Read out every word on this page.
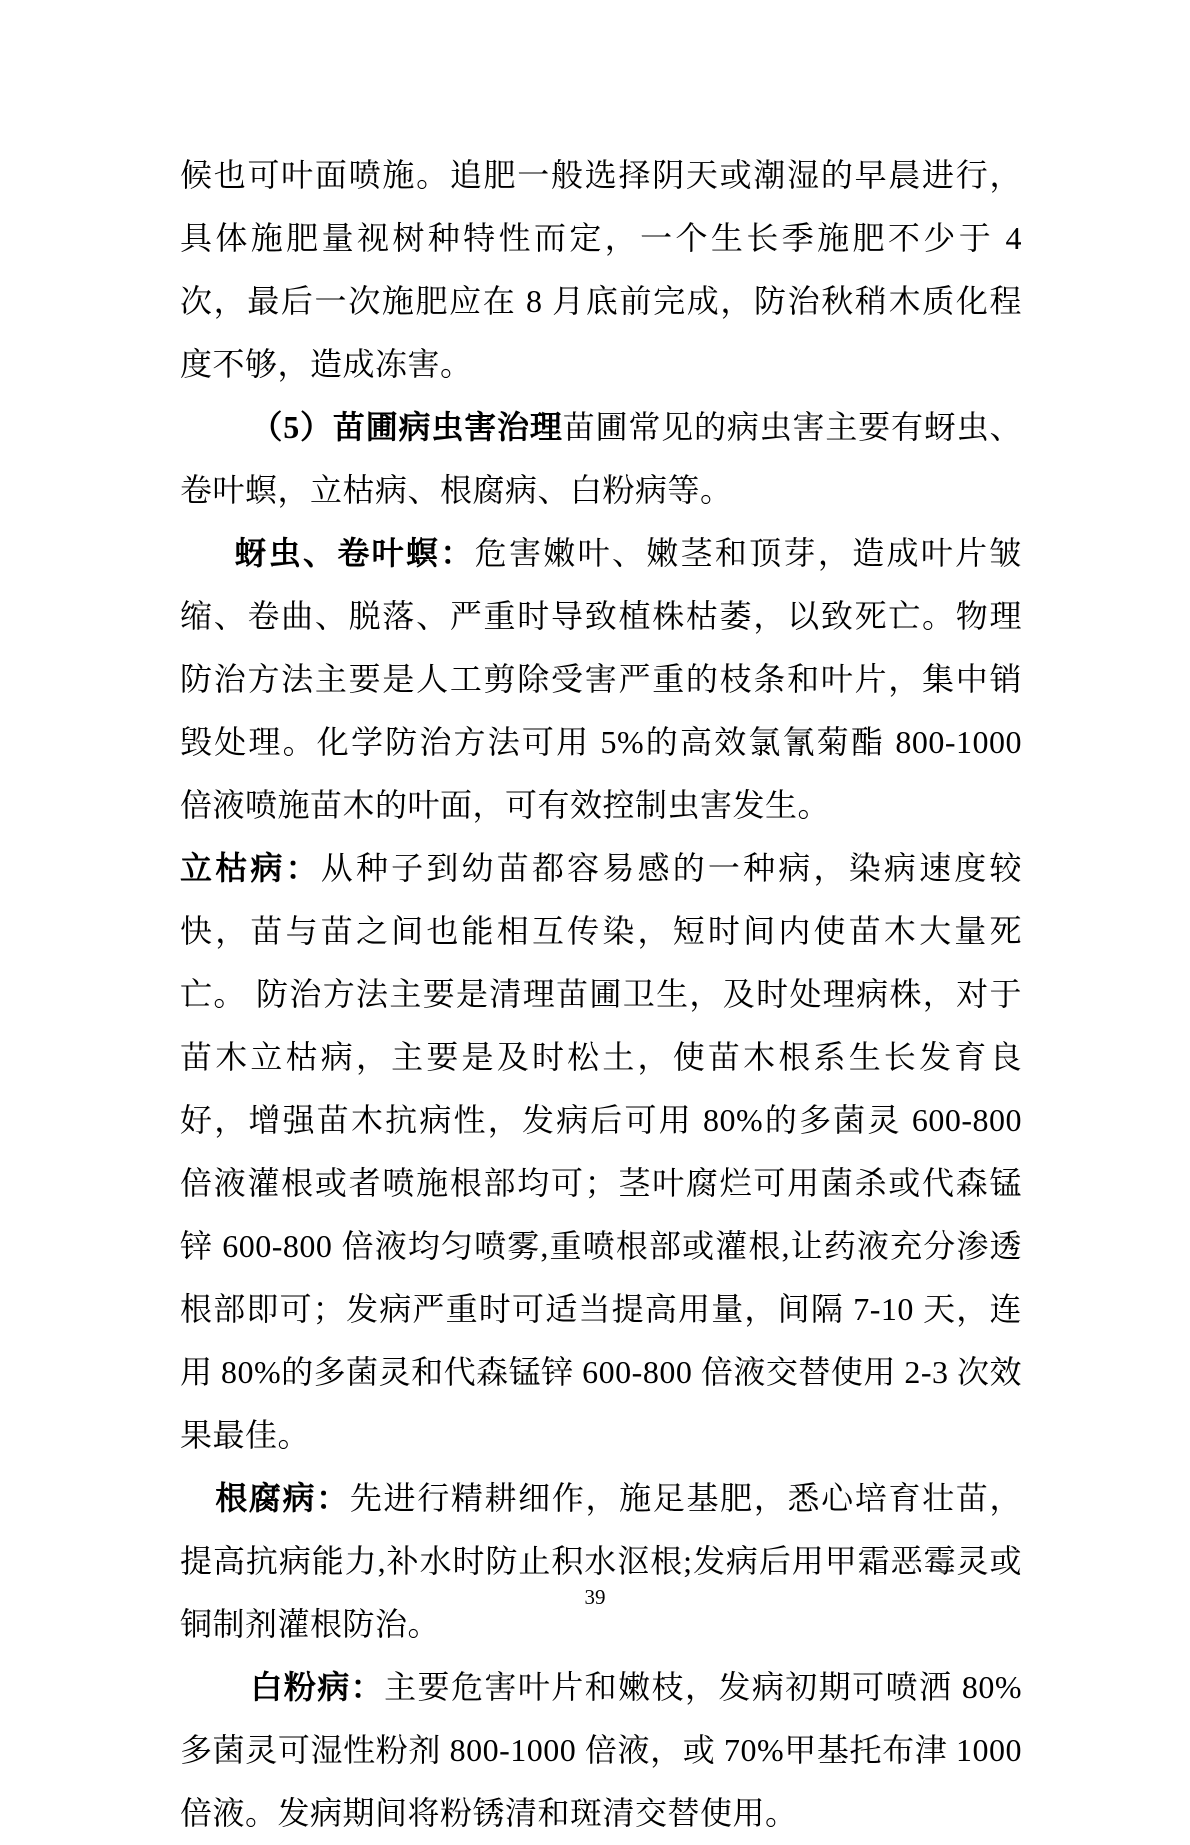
候也可叶面喷施。追肥一般选择阴天或潮湿的早晨进行，具体施肥量视树种特性而定，一个生长季施肥不少于 4 次，最后一次施肥应在 8 月底前完成，防治秋稍木质化程度不够，造成冻害。

（5）苗圃病虫害治理苗圃常见的病虫害主要有蚜虫、卷叶螟，立枯病、根腐病、白粉病等。

蚜虫、卷叶螟：危害嫩叶、嫩茎和顶芽，造成叶片皱缩、卷曲、脱落、严重时导致植株枯萎，以致死亡。物理防治方法主要是人工剪除受害严重的枝条和叶片，集中销毁处理。化学防治方法可用 5%的高效氯氰菊酯 800-1000 倍液喷施苗木的叶面，可有效控制虫害发生。

立枯病：从种子到幼苗都容易感的一种病，染病速度较快，苗与苗之间也能相互传染，短时间内使苗木大量死亡。 防治方法主要是清理苗圃卫生，及时处理病株，对于苗木立枯病，主要是及时松土，使苗木根系生长发育良好，增强苗木抗病性，发病后可用 80%的多菌灵 600-800 倍液灌根或者喷施根部均可；茎叶腐烂可用菌杀或代森锰锌 600-800 倍液均匀喷雾,重喷根部或灌根,让药液充分渗透根部即可；发病严重时可适当提高用量，间隔 7-10 天，连用 80%的多菌灵和代森锰锌 600-800 倍液交替使用 2-3 次效果最佳。

根腐病：先进行精耕细作，施足基肥，悉心培育壮苗，提高抗病能力,补水时防止积水沤根;发病后用甲霜恶霉灵或铜制剂灌根防治。

白粉病：主要危害叶片和嫩枝，发病初期可喷洒 80%多菌灵可湿性粉剂 800-1000 倍液，或 70%甲基托布津 1000 倍液。发病期间将粉锈清和斑清交替使用。

39
